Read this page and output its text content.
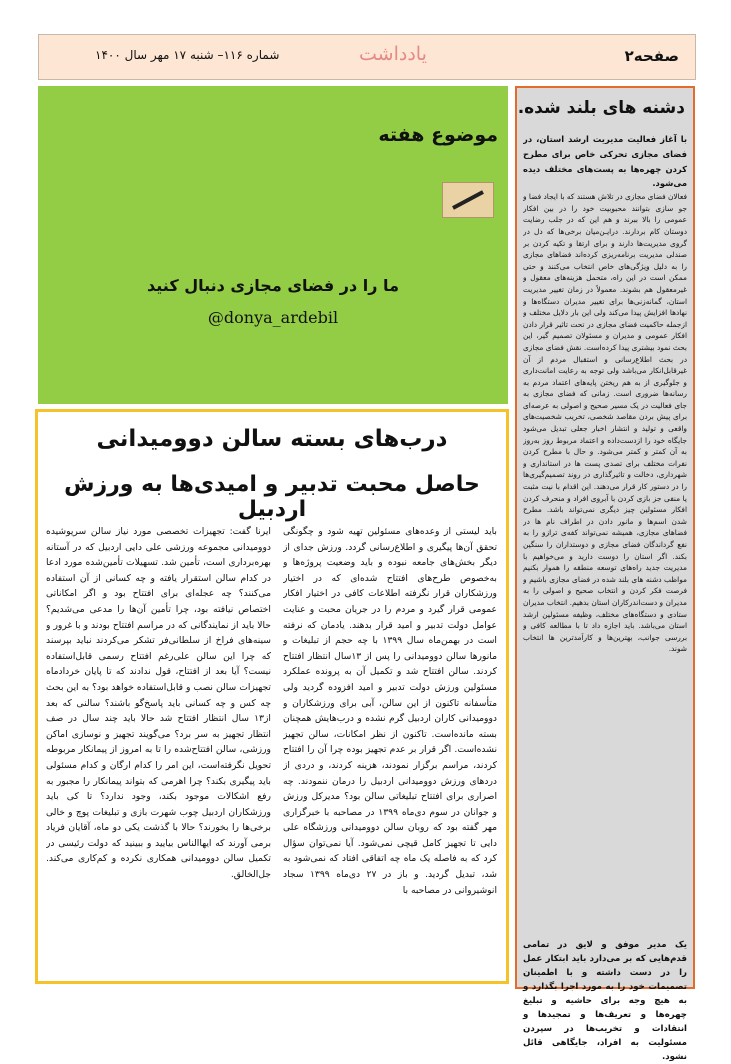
صفحه۲
یادداشت
شماره ۱۱۶– شنبه ۱۷ مهر سال ۱۴۰۰
موضوع هفته
ما را در فضای مجازی دنبال کنید
@donya_ardebil
درب‌های بسته سالن دوومیدانی
حاصل محبت تدبیر و امیدی‌ها به ورزش اردبیل
باید لیستی از وعده‌های مسئولین تهیه شود و چگونگی تحقق آن‌ها پیگیری و اطلاع‌رسانی گردد. ورزش جدای از دیگر بخش‌های جامعه نبوده و باید وضعیت پروژه‌ها و به‌خصوص طرح‌های افتتاح شده‌ای که در اختیار ورزشکاران قرار نگرفته اطلاعات کافی در اختیار افکار عمومی قرار گیرد و مردم را در جریان محبت و عنایت عوامل دولت تدبیر و امید قرار بدهند. یادمان که نرفته است در بهمن‌ماه سال ۱۳۹۹ با چه حجم از تبلیغات و مانورها سالن دوومیدانی را پس از ۱۳سال انتظار افتتاح کردند. سالن افتتاح شد و تکمیل آن به پرونده عملکرد مسئولین ورزش دولت تدبیر و امید افزوده گردید ولی متأسفانه تاکنون از این سالن، آبی برای ورزشکاران و دوومیدانی کاران اردبیل گرم نشده و درب‌هایش همچنان بسته مانده‌است. تاکنون از نظر امکانات، سالن تجهیز نشده‌است. اگر قرار بر عدم تجهیز بوده چرا آن را افتتاح کردند، مراسم برگزار نمودند، هزینه کردند، و دردی از دردهای ورزش دوومیدانی اردبیل را درمان ننمودند. چه اصراری برای افتتاح تبلیغاتی سالن بود؟ مدیرکل ورزش و جوانان در سوم دی‌ماه ۱۳۹۹ در مصاحبه با خبرگزاری مهر گفته بود که روبان سالن دوومیدانی ورزشگاه علی دایی تا تجهیز کامل قیچی نمی‌شود. آیا نمی‌توان سؤال کرد که به فاصله یک ماه چه اتفاقی افتاد که نمی‌شود به شد، تبدیل گردید. و باز در ۲۷ دی‌ماه ۱۳۹۹ سجاد انوشیروانی در مصاحبه با
ایرنا گفت: تجهیزات تخصصی مورد نیاز سالن سرپوشیده دوومیدانی مجموعه ورزشی علی دایی اردبیل که در آستانه بهره‌برداری است، تأمین شد. تسهیلات تأمین‌شده مورد ادعا در کدام سالن استقرار یافته و چه کسانی از آن استفاده می‌کنند؟ چه عجله‌ای برای افتتاح بود و اگر امکاناتی اختصاص نیافته بود، چرا تأمین آن‌ها را مدعی می‌شدیم؟ حالا باید از نمایندگانی که در مراسم افتتاح بودند و با غرور و سینه‌های فراخ از سلطانی‌فر تشکر می‌کردند نباید بپرسند که چرا این سالن علی‌رغم افتتاح رسمی قابل‌استفاده نیست؟ آیا بعد از افتتاح، قول ندادند که تا پایان خرداد‌ماه تجهیزات سالن نصب و قابل‌استفاده خواهد بود؟ به این بحث چه کس و چه کسانی باید پاسخ‌گو باشند؟ سالنی که بعد از۱۳ سال انتظار افتتاح شد حالا باید چند سال در صف انتظار تجهیز به سر برد؟ می‌گویند تجهیز و نوسازی اماکن ورزشی، سالن افتتاح‌شده را تا به امروز از پیمانکار مربوطه تحویل نگرفته‌است، این امر را کدام ارگان و کدام مسئولی باید پیگیری بکند؟ چرا اهرمی که بتواند پیمانکار را مجبور به رفع اشکالات موجود بکند، وجود ندارد؟ تا کی باید ورزشکاران اردبیل چوب شهرت بازی و تبلیغات پوچ و خالی برخی‌ها را بخورند؟ حالا با گذشت یکی دو ماه، آقایان فریاد برمی آورند که ایها‌الناس بیایید و ببینید که دولت رئیسی در تکمیل سالن دوومیدانی همکاری نکرده و کم‌کاری می‌کند. جل‌الخالق.
دشنه های بلند شده.
با آغاز فعالیت مدیریت ارشد استان، در فضای مجازی تحرکی خاص برای مطرح کردن چهره‌ها به پست‌های مختلف دیده می‌شود.
فعالان فضای مجازی در تلاش هستند که با ایجاد فضا و جو سازی بتوانند محبوبیت خود را در بین افکار عمومی را بالا ببرند و هم این که در جلب رضایت دوستان کام بردارند. درایـن‌میان برخی‌ها که دل در گروی مدیریت‌ها دارند و برای ارتقا و تکیه کردن بر صندلی مدیریت برنامه‌ریزی کرده‌اند فضاهای مجازی را به دلیل ویژگی‌های خاص انتخاب می‌کنند و حتی ممکن است در این راه، متحمل هزینه‌های معقول و غیرمعقول هم بشوند. معمولاً در زمان تغییر مدیریت استان، گمانه‌زنی‌ها برای تغییر مدیران دستگاه‌ها و نهادها افزایش پیدا می‌کند ولی این بار دلایل مختلف و ازجمله حاکمیت فضای مجازی در تحت تاثیر قرار دادن افکار عمومی و مدیران و مسئولان تصمیم گیر، این بحث نمود بیشتری پیدا کرده‌است. نقش فضای مجازی در بحث اطلاع‌رسانی و استقبال مردم از آن غیرقابل‌انکار می‌باشد ولی توجه به رعایت امانت‌داری و جلوگیری از به هم ریختن پایه‌های اعتماد مردم به رسانه‌ها ضروری است. زمانی که فضای مجازی به جای فعالیت در یک مسیر صحیح و اصولی به عرصه‌ای برای پیش بردن مقاصد شخصی، تخریب شخصیت‌های واقعی و تولید و انتشار اخبار جعلی تبدیل می‌شود جایگاه خود را ازدست‌داده و اعتماد مربوط روز به‌روز به آن کمتر و کمتر می‌شود. و حال با مطرح کردن نفرات مختلف برای تصدی پست ها در استانداری و شهرداری، دخالت و تاثیرگذاری در روند تصمیم‌گیری‌ها را در دستور کار قرار می‌دهند. این اقدام با نیت مثبت یا منفی جز بازی کردن با آبروی افراد و منحرف کردن افکار مسئولین چیز دیگری نمی‌تواند باشد. مطرح شدن اسم‌ها و مانور دادن در اطراف نام ها در فضاهای مجازی، همیشه نمی‌تواند کفه‌ی ترازو را به نفع گرداندگان فضای مجازی و دوستداران را سنگین بکند. اگر استان را دوست دارید و می‌خواهیم با مدیریت جدید راه‌های توسعه منطقه را هموار بکنیم مواظب دشنه های بلند شده در فضای مجازی باشیم و فرصت فکر کردن و انتخاب صحیح و اصولی را به مدیران و دست‌اندرکاران استان بدهیم. انتخاب مدیران ستادی و دستگاه‌های مختلف، وظیفه مسئولین ارشد استان می‌باشد. باید اجازه داد تا با مطالعه کافی و بررسی جوانب، بهترین‌ها و کاراَمدترین ها انتخاب شوند.
یک مدیر موفق و لایق در تمامی قدم‌هایی که بر می‌دارد باید ابتکار عمل را در دست داشته و با اطمینان تصمیمات خود را به مورد اجرا بگذارد و به هیچ وجه برای حاشیه و تبلیغ چهره‌ها و تعریف‌ها و تمجیدها و انتقادات و تخریب‌ها در سپردن مسئولیت به افراد، جایگاهی قائل نشود.
